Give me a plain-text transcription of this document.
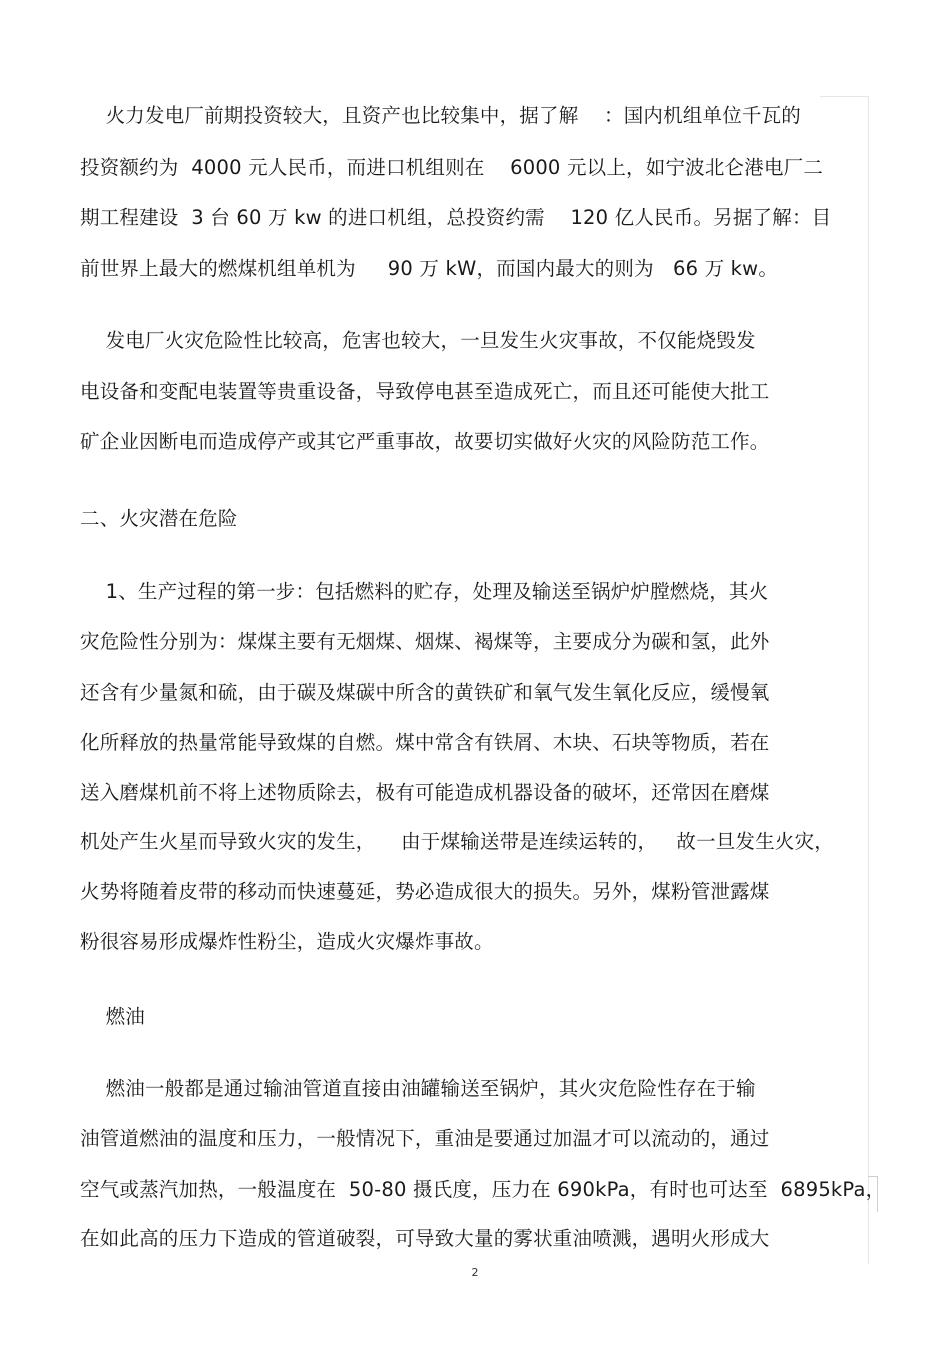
火力发电厂前期投资较大，且资产也比较集中，据了解    ：国内机组单位千瓦的
投资额约为  4000 元人民币，而进口机组则在    6000 元以上，如宁波北仑港电厂二
期工程建设  3 台 60 万 kw 的进口机组，总投资约需    120 亿人民币。另据了解：目
前世界上最大的燃煤机组单机为     90 万 kW，而国内最大的则为   66 万 kw。
发电厂火灾危险性比较高，危害也较大，一旦发生火灾事故，不仅能烧毁发
电设备和变配电装置等贵重设备，导致停电甚至造成死亡，而且还可能使大批工
矿企业因断电而造成停产或其它严重事故，故要切实做好火灾的风险防范工作。
二、火灾潜在危险
1、生产过程的第一步：包括燃料的贮存，处理及输送至锅炉炉膛燃烧，其火
灾危险性分别为：煤煤主要有无烟煤、烟煤、褐煤等，主要成分为碳和氢，此外
还含有少量氮和硫，由于碳及煤碳中所含的黄铁矿和氧气发生氧化反应，缓慢氧
化所释放的热量常能导致煤的自燃。煤中常含有铁屑、木块、石块等物质，若在
送入磨煤机前不将上述物质除去，极有可能造成机器设备的破坏，还常因在磨煤
机处产生火星而导致火灾的发生，    由于煤输送带是连续运转的，   故一旦发生火灾，
火势将随着皮带的移动而快速蔓延，势必造成很大的损失。另外，煤粉管泄露煤
粉很容易形成爆炸性粉尘，造成火灾爆炸事故。
燃油
燃油一般都是通过输油管道直接由油罐输送至锅炉，其火灾危险性存在于输
油管道燃油的温度和压力，一般情况下，重油是要通过加温才可以流动的，通过
空气或蒸汽加热，一般温度在  50-80 摄氏度，压力在 690kPa，有时也可达至  6895kPa，
在如此高的压力下造成的管道破裂，可导致大量的雾状重油喷溅，遇明火形成大
2
